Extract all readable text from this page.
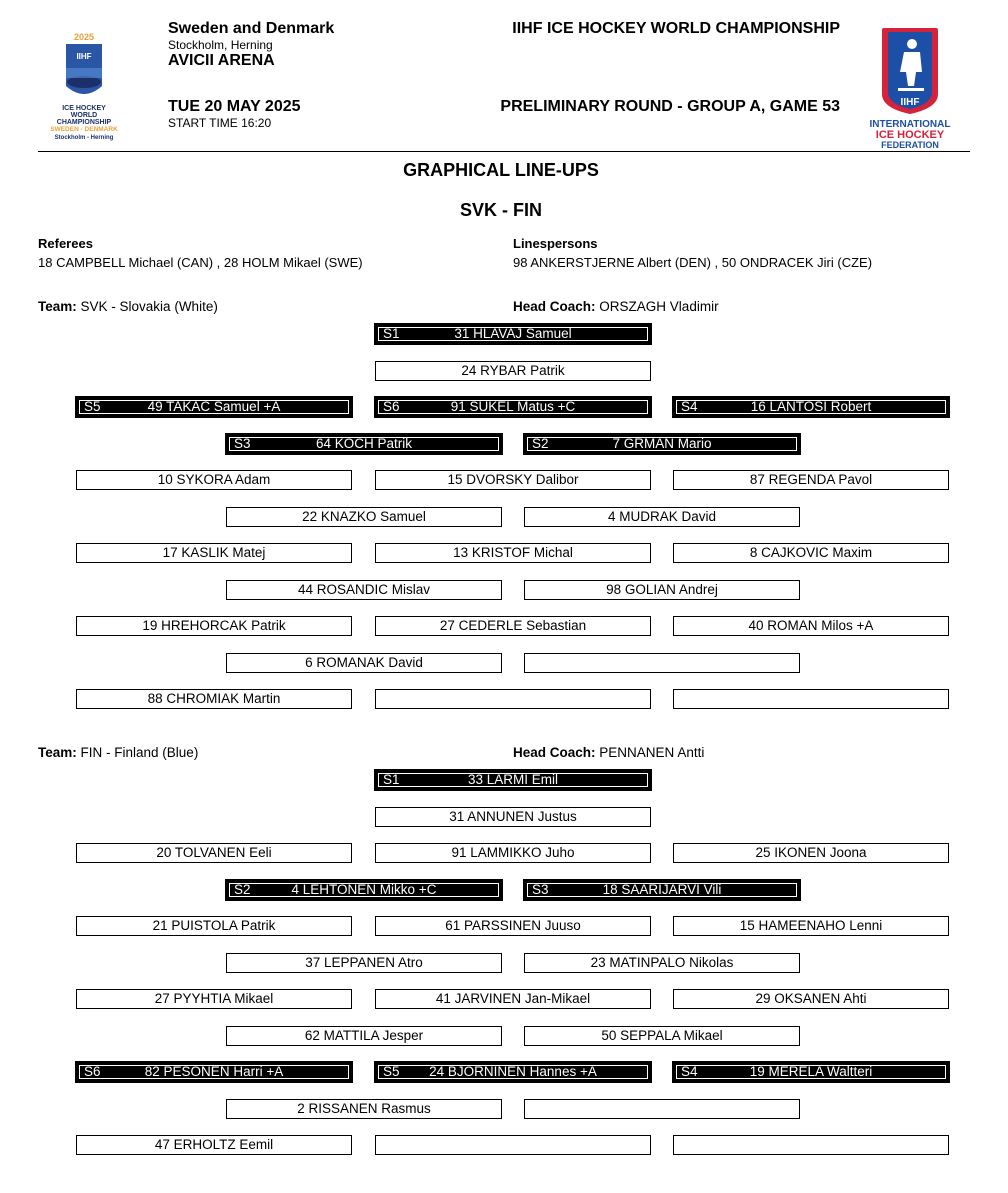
2025
IIHF
ICE HOCKEY
WORLD
CHAMPIONSHIP
SWEDEN - DENMARK
Stockholm - Herning
IIHF
INTERNATIONAL
ICE HOCKEY
FEDERATION
Sweden and Denmark
Stockholm, Herning
AVICII ARENA
TUE 20 MAY 2025
START TIME 16:20
IIHF ICE HOCKEY WORLD CHAMPIONSHIP
PRELIMINARY ROUND - GROUP A, GAME 53
GRAPHICAL LINE-UPS
SVK - FIN
Referees
18 CAMPBELL Michael (CAN) , 28 HOLM Mikael (SWE)
Linespersons
98 ANKERSTJERNE Albert (DEN) , 50 ONDRACEK Jiri (CZE)
Team: SVK - Slovakia (White)	Head Coach: ORSZAGH Vladimir
S1	31 HLAVAJ Samuel
24 RYBAR Patrik
S5	49 TAKAC Samuel +A	S6	91 SUKEL Matus +C	S4	16 LANTOSI Robert
S3	64 KOCH Patrik	S2	7 GRMAN Mario
10 SYKORA Adam	15 DVORSKY Dalibor	87 REGENDA Pavol
22 KNAZKO Samuel	4 MUDRAK David
17 KASLIK Matej	13 KRISTOF Michal	8 CAJKOVIC Maxim
44 ROSANDIC Mislav	98 GOLIAN Andrej
19 HREHORCAK Patrik	27 CEDERLE Sebastian	40 ROMAN Milos +A
6 ROMANAK David
88 CHROMIAK Martin
Team: FIN - Finland (Blue)	Head Coach: PENNANEN Antti
S1	33 LARMI Emil
31 ANNUNEN Justus
20 TOLVANEN Eeli	91 LAMMIKKO Juho	25 IKONEN Joona
S2	4 LEHTONEN Mikko +C	S3	18 SAARIJARVI Vili
21 PUISTOLA Patrik	61 PARSSINEN Juuso	15 HAMEENAHO Lenni
37 LEPPANEN Atro	23 MATINPALO Nikolas
27 PYYHTIA Mikael	41 JARVINEN Jan-Mikael	29 OKSANEN Ahti
62 MATTILA Jesper	50 SEPPALA Mikael
S6	82 PESONEN Harri +A	S5 24 BJORNINEN Hannes +A	S4	19 MERELA Waltteri
2 RISSANEN Rasmus
47 ERHOLTZ Eemil
